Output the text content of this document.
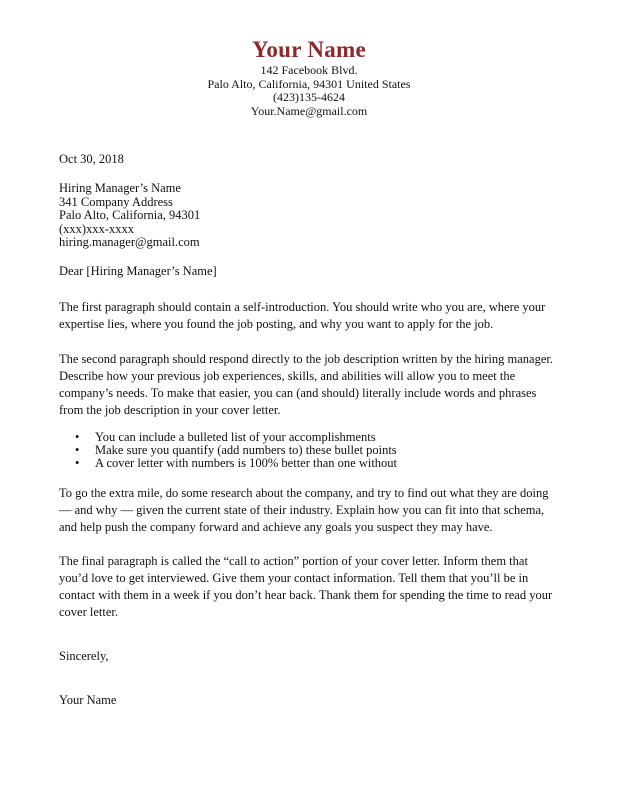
Your Name
142 Facebook Blvd.
Palo Alto, California, 94301 United States
(423)135-4624
Your.Name@gmail.com
Oct 30, 2018
Hiring Manager’s Name
341 Company Address
Palo Alto, California, 94301
(xxx)xxx-xxxx
hiring.manager@gmail.com
Dear [Hiring Manager’s Name]
The first paragraph should contain a self-introduction. You should write who you are, where your expertise lies, where you found the job posting, and why you want to apply for the job.
The second paragraph should respond directly to the job description written by the hiring manager. Describe how your previous job experiences, skills, and abilities will allow you to meet the company’s needs. To make that easier, you can (and should) literally include words and phrases from the job description in your cover letter.
• You can include a bulleted list of your accomplishments
• Make sure you quantify (add numbers to) these bullet points
• A cover letter with numbers is 100% better than one without
To go the extra mile, do some research about the company, and try to find out what they are doing — and why — given the current state of their industry. Explain how you can fit into that schema, and help push the company forward and achieve any goals you suspect they may have.
The final paragraph is called the “call to action” portion of your cover letter. Inform them that you’d love to get interviewed. Give them your contact information. Tell them that you’ll be in contact with them in a week if you don’t hear back. Thank them for spending the time to read your cover letter.
Sincerely,
Your Name
